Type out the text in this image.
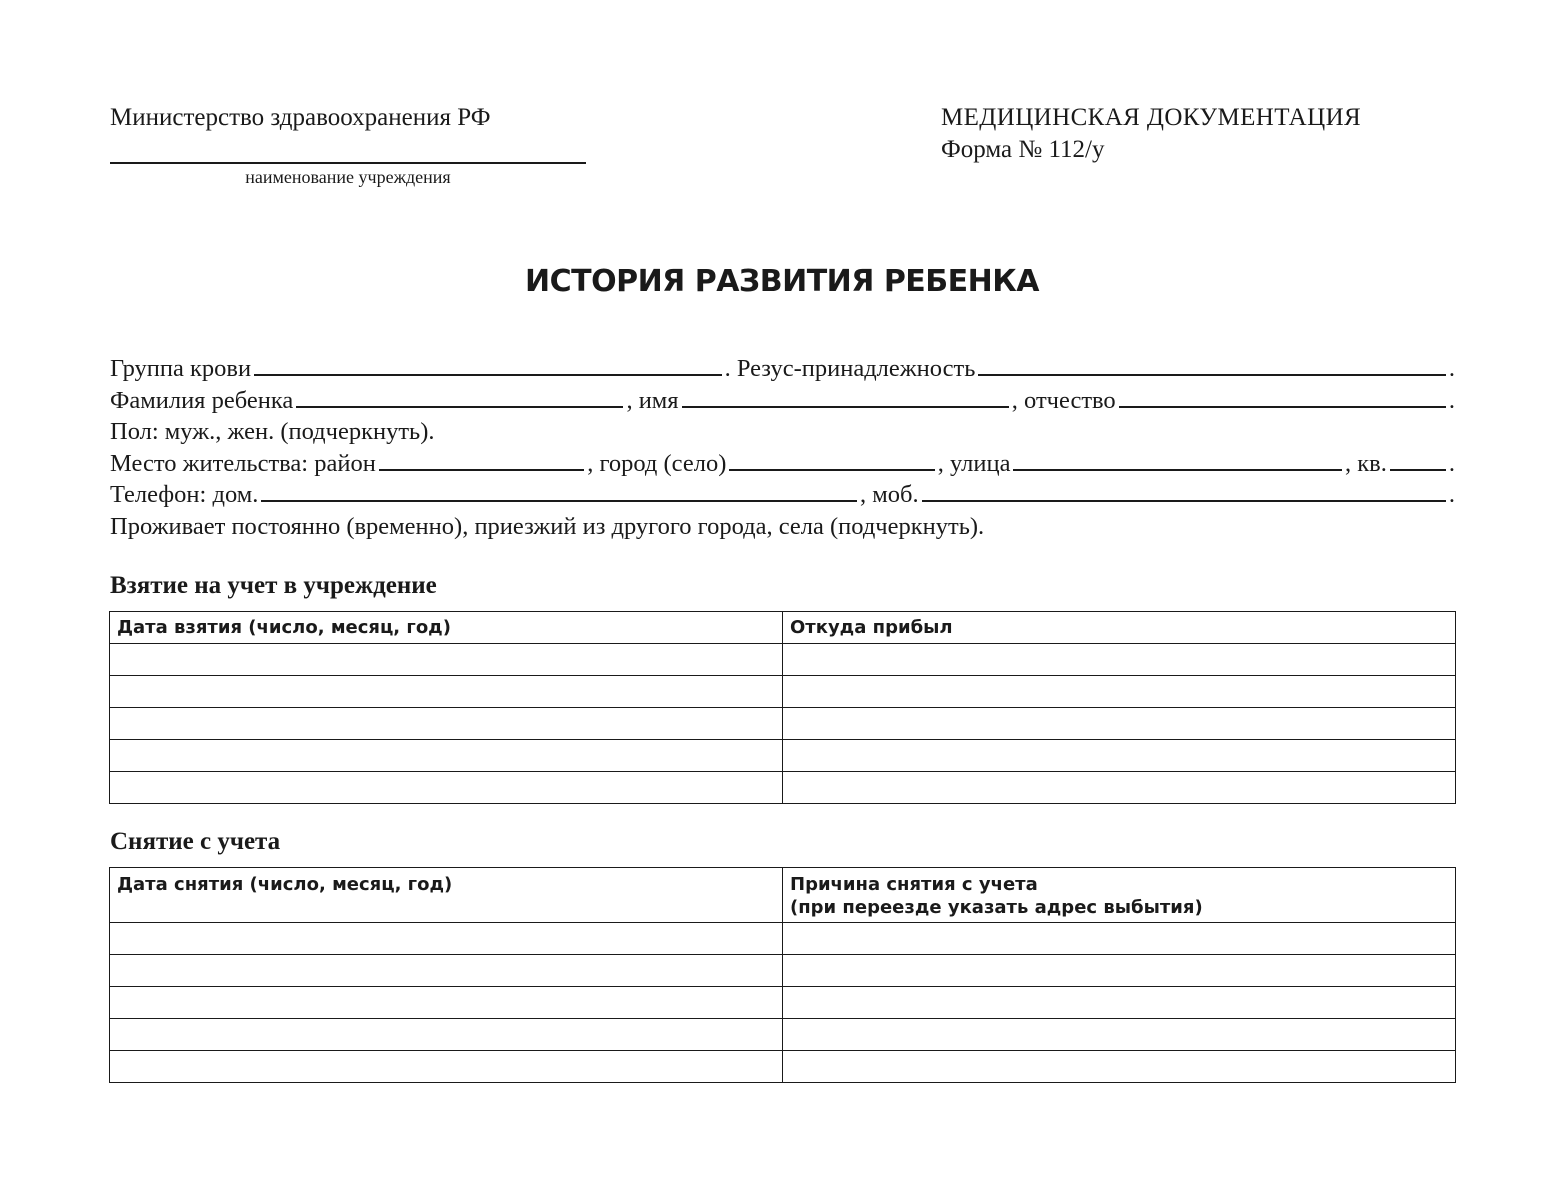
Министерство здравоохранения РФ
наименование учреждения
МЕДИЦИНСКАЯ ДОКУМЕНТАЦИЯ
Форма № 112/у
ИСТОРИЯ РАЗВИТИЯ РЕБЕНКА
Группа крови	. Резус-принадлежность	.
Фамилия ребенка	, имя	, отчество	.
Пол: муж., жен. (подчеркнуть).
Место жительства: район	, город (село)	, улица	, кв.	.
Телефон: дом.	, моб.	.
Проживает постоянно (временно), приезжий из другого города, села (подчеркнуть).
Взятие на учет в учреждение
Дата взятия (число, месяц, год)	Откуда прибыл

Снятие с учета
Дата снятия (число, месяц, год)	Причина снятия с учета
(при переезде указать адрес выбытия)
